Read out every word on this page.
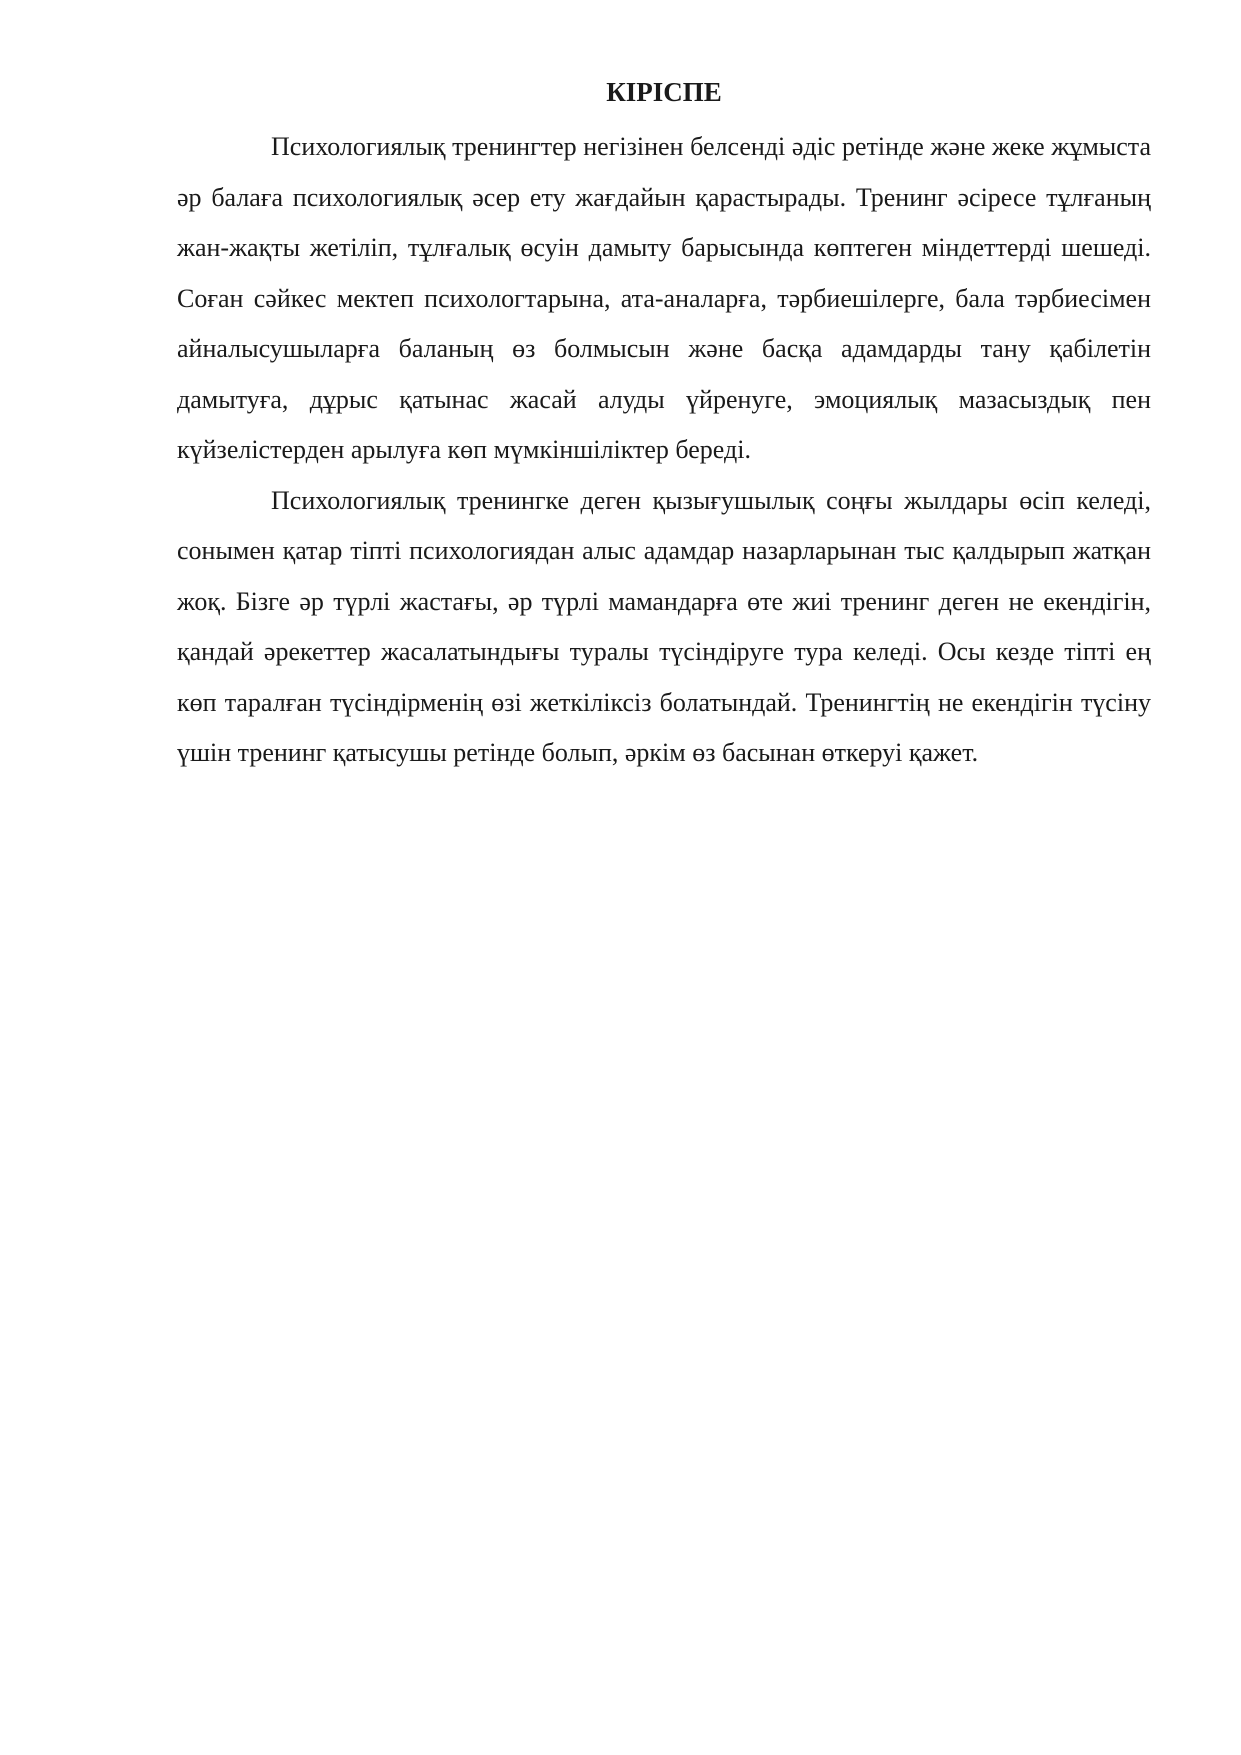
КІРІСПЕ

Психологиялық тренингтер негізінен белсенді әдіс ретінде және жеке жұмыста әр балаға психологиялық әсер ету жағдайын қарастырады. Тренинг әсіресе тұлғаның жан-жақты жетіліп, тұлғалық өсуін дамыту барысында көптеген міндеттерді шешеді. Соған сәйкес мектеп психологтарына, ата-аналарға, тәрбиешілерге, бала тәрбиесімен айналысушыларға баланың өз болмысын және басқа адамдарды тану қабілетін дамытуға, дұрыс қатынас жасай алуды үйренуге, эмоциялық мазасыздық пен күйзелістерден арылуға көп мүмкіншіліктер береді.

Психологиялық тренингке деген қызығушылық соңғы жылдары өсіп келеді, сонымен қатар тіпті психологиядан алыс адамдар назарларынан тыс қалдырып жатқан жоқ. Бізге әр түрлі жастағы, әр түрлі мамандарға өте жиі тренинг деген не екендігін, қандай әрекеттер жасалатындығы туралы түсіндіруге тура келеді. Осы кезде тіпті ең көп таралған түсіндірменің өзі жеткіліксіз болатындай. Тренингтің не екендігін түсіну үшін тренинг қатысушы ретінде болып, әркім өз басынан өткеруі қажет.
